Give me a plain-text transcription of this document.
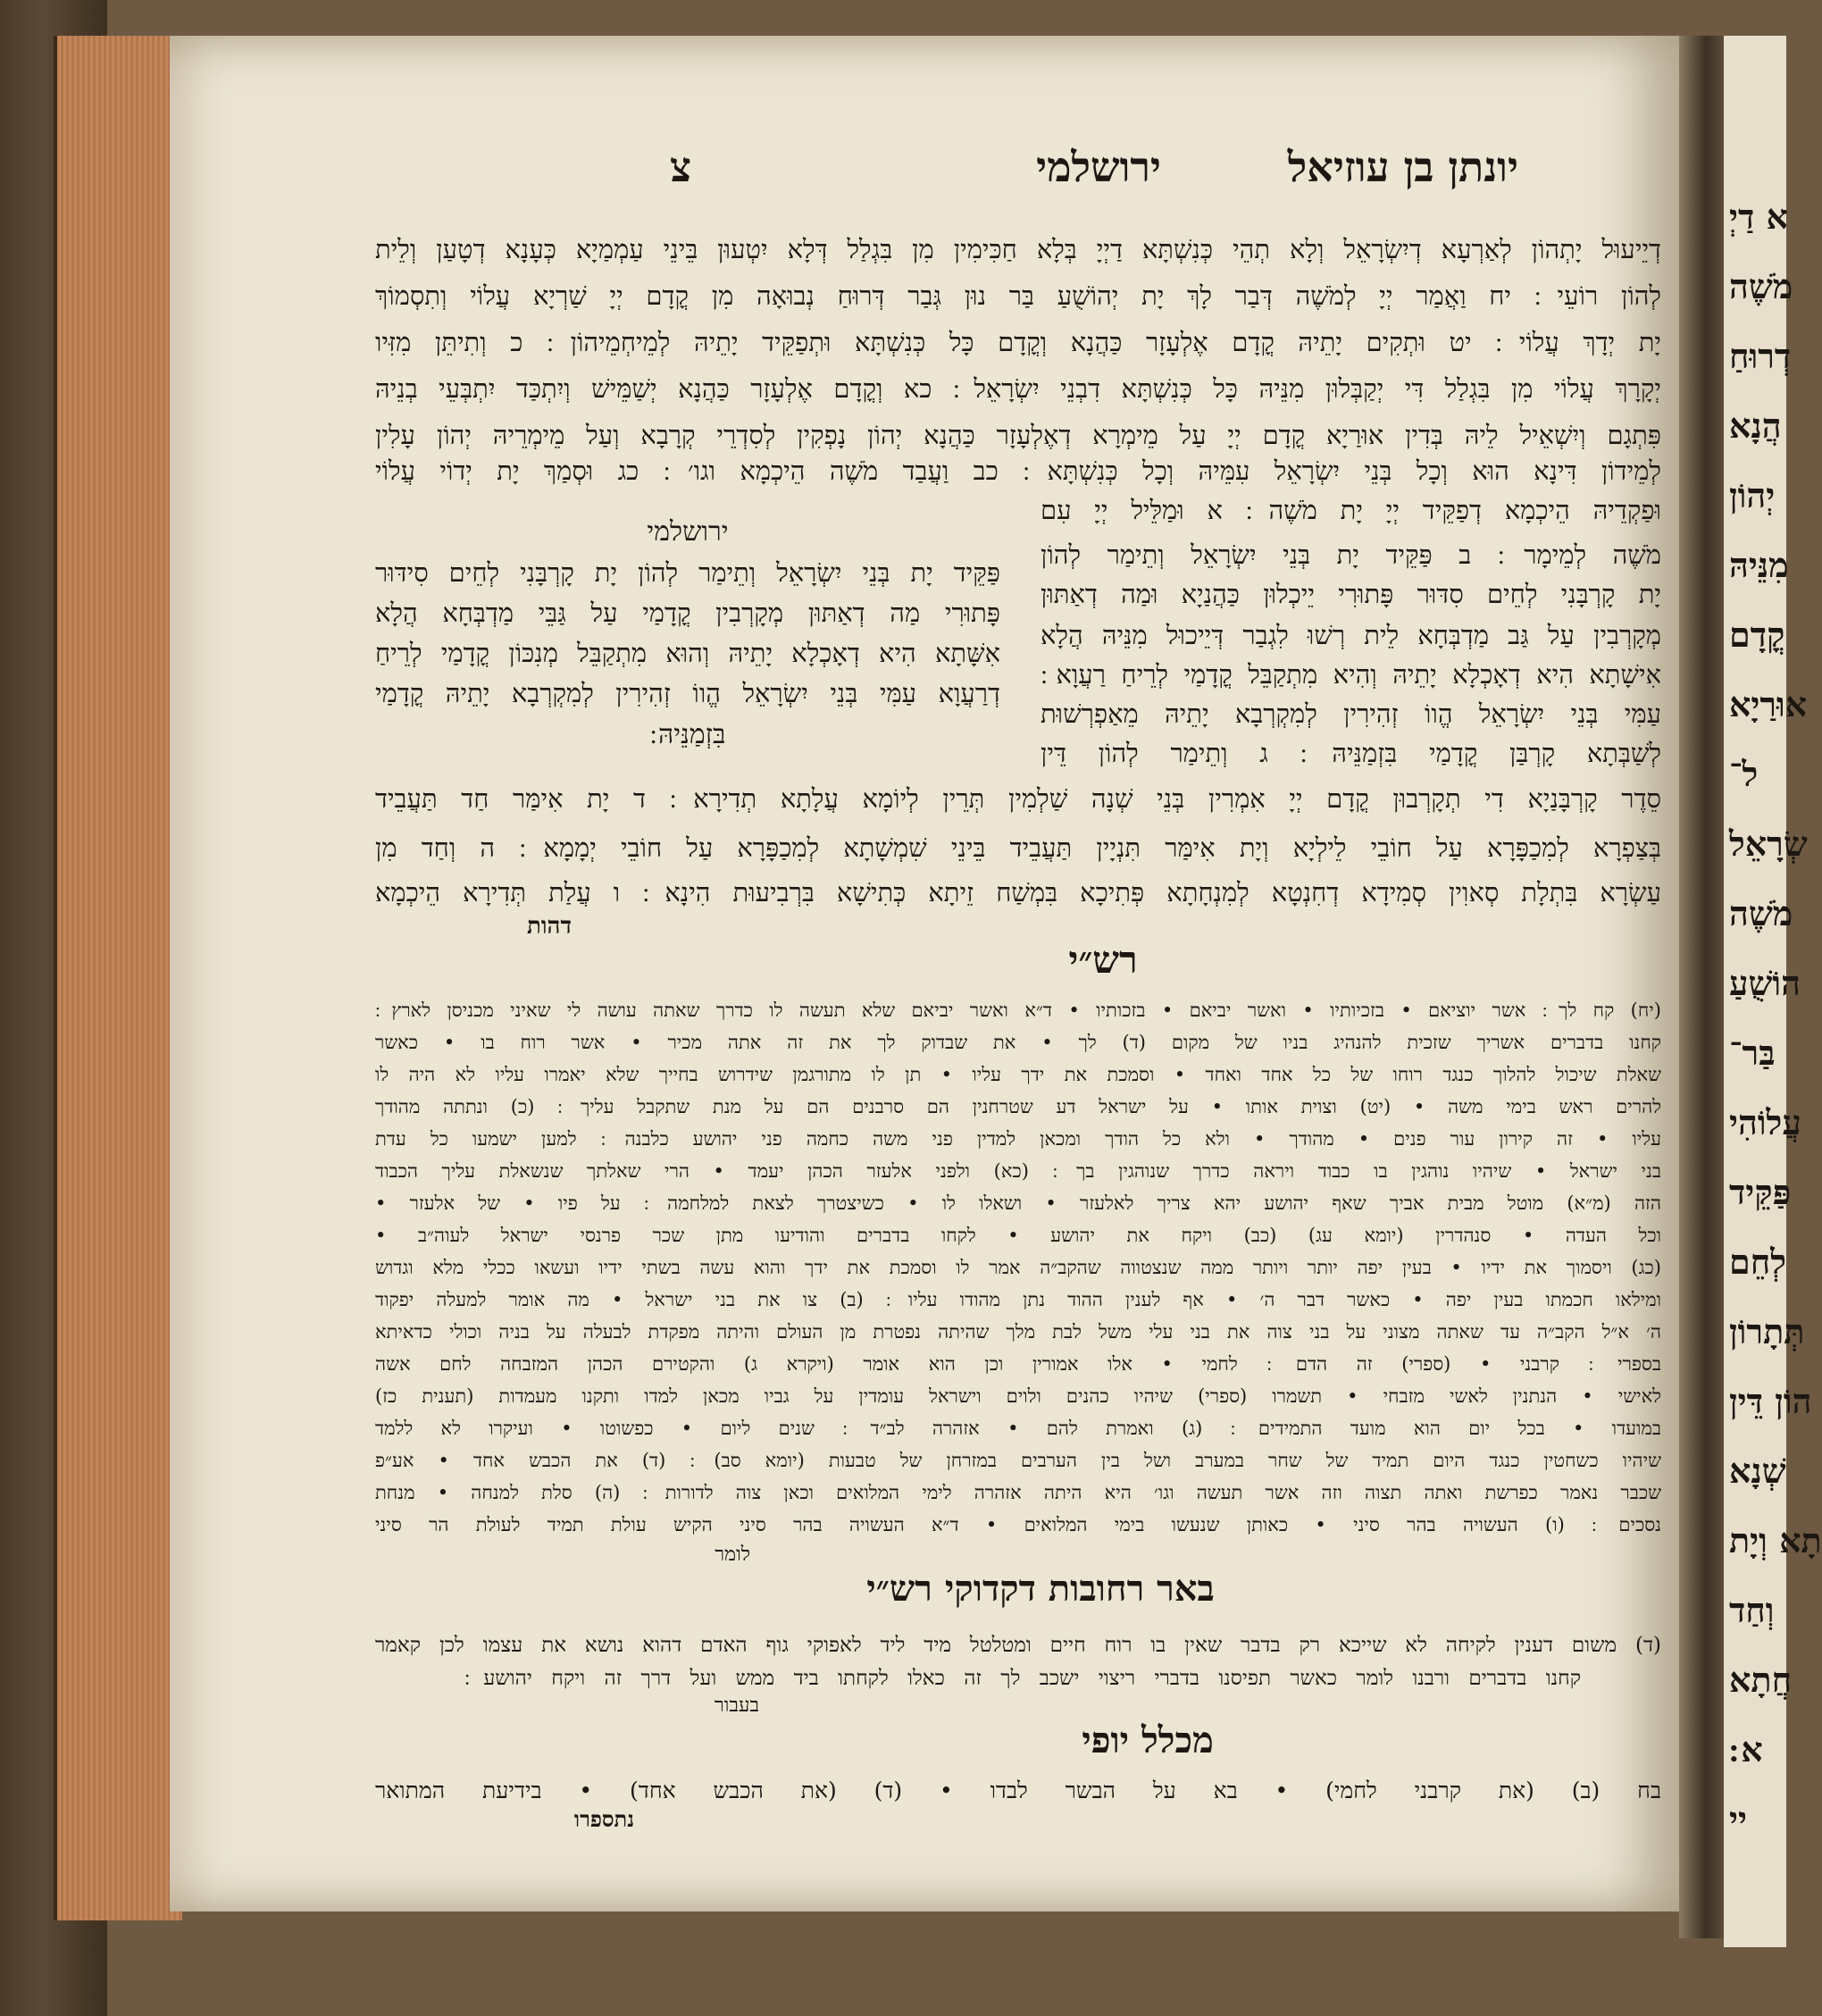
א דַיְ
מֹשֶׁה
דְרוּחַ
הֲנָא
יְהוֹן
מִנֵּיהּ
קֳדָם
אוּרַיָא
ל־
שְׂרָאֵל
מֹשֶׁה
הוֹשֻׁעַ
בַּר־
עֲלוֹהִי
פַּקֵּיד
לְחֵם
תְּתָרוֹן
הוֹן דֵּין
שְׁנָא
תָא וְיָת
וְחַד
חֲתָא
א ׃
יי
יונתן בן עוזיאל
ירושלמי
צ
דְיֵיעוּל יָתְהוֹן לְאַרְעָא דְיִשְׂרָאֵל וְלָא תְהֵי כְּנִשְׁתָּא דַיְיָ בְּלָא חַכִּימִין מִן בִּגְלַל דְּלָא יִטְעוּן בֵּינֵי עַמְמַיָא כְּעָנָא דְטָעַן וְלֵית
לְהוֹן רוֹעֵי ׃ יח וַאֲמַר יְיָ לְמֹשֶׁה דְּבַר לָךְ יָת יְהוֹשֻׁעַ בַּר נוּן גְּבַר דְּרוּחַ נְבוּאָה מִן קֳדָם יְיָ שַׁרְיָא עֲלוֹי וְתִסְמוֹךְ
יָת יְדָךְ עֲלוֹי ׃ יט וּתְקִים יָתֵיהּ קֳדָם אֶלְעָזָר כַּהֲנָא וְקֳדָם כָּל כְּנִשְׁתָּא וּתְפַקֵּיד יָתֵיהּ לְמֵיחְמֵיהוֹן ׃ כ וְתִיתֵּן מִזִּיו
יְקָרָךְ עֲלוֹי מִן בִּגְלַל דִּי יְקַבְּלוּן מִנֵּיהּ כָּל כְּנִשְׁתָּא דִבְנֵי יִשְׂרָאֵל ׃ כא וְקֳדָם אֶלְעָזָר כַּהֲנָא יְשַׁמֵּישׁ וְיִתְכַּד יִתְבְּעֵי בְנֵיהּ
פִּתְגָם וְיִשְׁאֵיל לֵיהּ בְּדִין אוּרַיָא קֳדָם יְיָ עַל מֵימְרָא דְאֶלְעָזָר כַּהֲנָא יְהוֹן נָפְקִין לְסִדְרֵי קְרָבָא וְעַל מֵימְרֵיהּ יְהוֹן עָלִין
לְמֵידוֹן דִּינָא הוּא וְכָל בְּנֵי יִשְׂרָאֵל עִמֵּיהּ וְכָל כְּנִשְׁתָּא ׃ כב וַעֲבַד מֹשֶׁה הֵיכְמָא וגו׳ ׃ כג וּסְמַךְ יָת יְדוֹי עֲלוֹי
וּפַקְדֵיהּ הֵיכְמָא דְפַקֵּיד יְיָ יָת מֹשֶׁה ׃ א וּמַלֵּיל יְיָ עִם
מֹשֶׁה לְמֵימָר ׃ ב פַּקֵּיד יָת בְּנֵי יִשְׂרָאֵל וְתֵימַר לְהוֹן
יָת קָרְבָּנִי לְחֵים סִדּוּר פָּתוּרִי יֵיכְלוּן כַּהֲנַיָא וּמַה דְאַתּוּן
מְקָרְבִין עַל גַּב מַדְבְּחָא לֵית רְשׁוּ לִגְבַר דְּיֵיכוּל מִנֵּיהּ הֲלָא
אִישָׁתָא הִיא דְאָכְלָא יָתֵיהּ וְהִיא מִתְקַבֵּל קֳדָמַי לְרֵיחַ רַעֲוָא ׃
עַמִּי בְּנֵי יִשְׂרָאֵל הֱווֹ זְהִירִין לְמִקְרְבָא יָתֵיהּ מֵאַפְרְשׁוּת
לְשַׁבְּתָא קָרְבַּן קֳדָמַי בִּזְמַנֵּיהּ ׃ ג וְתֵימַר לְהוֹן דֵּין
ירושלמי
פַּקֵּיד יָת בְּנֵי יִשְׂרָאֵל וְתֵימַר לְהוֹן יָת קָרְבָּנִי לְחֵים סִידּוּר
פָּתוּרִי מַה דְאַתּוּן מְקָרְבִין קֳדָמַי עַל גַּבֵּי מַדְבְּחָא הֲלָא
אִשָּׁתָא הִיא דְאָכְלָא יָתֵיהּ וְהוּא מִתְקַבֵּל מְנִכּוֹן קֳדָמַי לְרֵיחַ
דְרַעֲוָא עַמִּי בְּנֵי יִשְׂרָאֵל הֱווֹ זְהִירִין לְמִקְרְבָא יָתֵיהּ קֳדָמַי
בִּזְמַנֵּיהּ ׃
סֵדֶר קָרְבָּנַיָא דִי תְקָרְבוּן קֳדָם יְיָ אִמְרִין בְּנֵי שְׁנָה שַׁלְמִין תְּרֵין לְיוֹמָא עֲלָתָא תְדִירָא ׃ ד יָת אִימַּר חַד תַּעֲבֵיד
בְּצַפְרָא לְמִכַפָּרָא עַל חוֹבֵי לֵילְיָא וְיָת אִימַּר תִּנְיָין תַּעֲבֵיד בֵּינֵי שִׁמְשָׁתָא לְמִכַפָּרָא עַל חוֹבֵי יְמָמָא ׃ ה וְחַד מִן
עַשְׂרָא בִּתְלָת סְאוִין סְמִידָא דְחִנְטָא לְמִנְחָתָא פְּתִיכָא בִּמְשַׁח זֵיתָא כְּתִישָׁא בִּרְבִיעוּת הִינָא ׃ ו עֲלַת תְּדִירָא הֵיכְמָא
דהות
רש״י
(יח) קח לך ׃ אשר יוציאם • בזכיותיו • ואשר יביאם • בזכותיו • ד״א ואשר יביאם שלא תעשה לו כדרך שאתה עושה לי שאיני מכניסן לארץ ׃
קחנו בדברים אשריך שזכית להנהיג בניו של מקום (ד) לך • את שבדוק לך את זה אתה מכיר • אשר רוח בו • כאשר
שאלת שיכול להלוך כנגד רוחו של כל אחד ואחד • וסמכת את ידך עליו • תן לו מתורגמן שידרוש בחייך שלא יאמרו עליו לא היה לו
להרים ראש בימי משה • (יט) וצוית אותו • על ישראל דע שטרחנין הם סרבנים הם על מנת שתקבל עליך ׃ (כ) ונתתה מהודך
עליו • זה קירון עור פנים • מהודך • ולא כל הודך ומכאן למדין פני משה כחמה פני יהושע כלבנה ׃ למען ישמעו כל עדת
בני ישראל • שיהיו נוהגין בו כבוד ויראה כדרך שנוהגין בך ׃ (כא) ולפני אלעזר הכהן יעמד • הרי שאלתך שנשאלת עליך הכבוד
הזה (מ״א) מוטל מבית אביך שאף יהושע יהא צריך לאלעזר • ושאלו לו • כשיצטרך לצאת למלחמה ׃ על פיו • של אלעזר •
וכל העדה • סנהדרין (יומא עג) (כב) ויקח את יהושע • לקחו בדברים והודיעו מתן שכר פרנסי ישראל לעוה״ב •
(כג) ויסמוך את ידיו • בעין יפה יותר ויותר ממה שנצטווה שהקב״ה אמר לו וסמכת את ידך והוא עשה בשתי ידיו ועשאו ככלי מלא וגדוש
ומילאו חכמתו בעין יפה • כאשר דבר ה׳ • אף לענין ההוד נתן מהודו עליו ׃ (ב) צו את בני ישראל • מה אומר למעלה יפקוד
ה׳ א״ל הקב״ה עד שאתה מצוני על בני צוה את בני עלי משל לבת מלך שהיתה נפטרת מן העולם והיתה מפקדת לבעלה על בניה וכולי כדאיתא
בספרי ׃ קרבני • (ספרי) זה הדם ׃ לחמי • אלו אמורין וכן הוא אומר (ויקרא ג) והקטירם הכהן המזבחה לחם אשה
לאישי • הנתנין לאשי מזבחי • תשמרו (ספרי) שיהיו כהנים ולוים וישראל עומדין על גביו מכאן למדו ותקנו מעמדות (תענית כז)
במועדו • בכל יום הוא מועד התמידים ׃ (ג) ואמרת להם • אזהרה לב״ד ׃ שנים ליום • כפשוטו • ועיקרו לא ללמד
שיהיו כשחטין כנגד היום תמיד של שחר במערב ושל בין הערבים במזרחן של טבעות (יומא סב) ׃ (ד) את הכבש אחד • אע״פ
שכבר נאמר כפרשת ואתה תצוה וזה אשר תעשה וגו׳ היא היתה אזהרה לימי המלואים וכאן צוה לדורות ׃ (ה) סלת למנחה • מנחת
נסכים ׃ (ו) העשויה בהר סיני • כאותן שנעשו בימי המלואים • ד״א העשויה בהר סיני הקיש עולת תמיד לעולת הר סיני
לומר
באר רחובות דקדוקי רש״י
(ד) משום דענין לקיחה לא שייכא רק בדבר שאין בו רוח חיים ומטלטל מיד ליד לאפוקי גוף האדם דהוא נושא את עצמו לכן קאמר
קחנו בדברים ורבנו לומר כאשר תפיסנו בדברי ריצוי ישכב לך זה כאלו לקחתו ביד ממש ועל דרך זה ויקח יהושע ׃
בעבור
מכלל יופי
בח (ב) (את קרבני לחמי) • בא על הבשר לבדו • (ד) (את הכבש אחד) • בידיעת המתואר
נתספרו
